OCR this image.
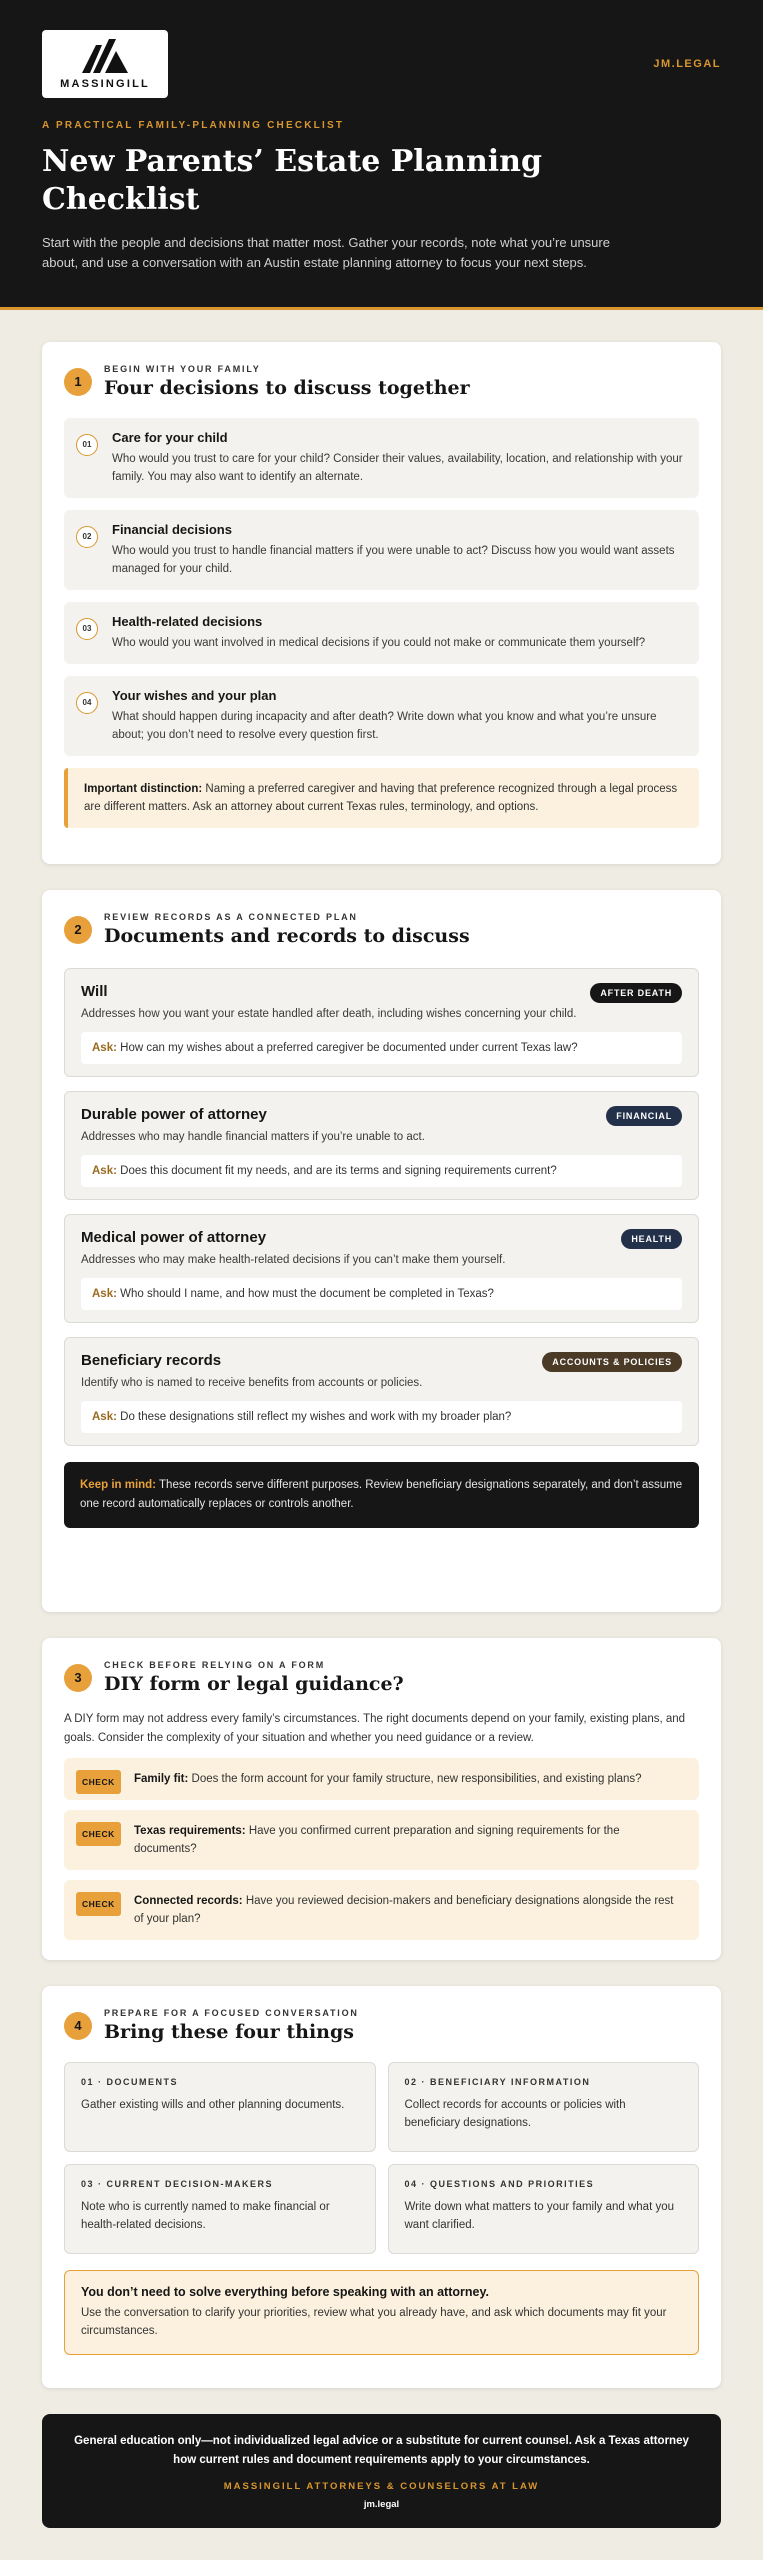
MASSINGILL
JM.LEGAL
A PRACTICAL FAMILY-PLANNING CHECKLIST
New Parents’ Estate Planning Checklist

Start with the people and decisions that matter most. Gather your records, note what you’re unsure about, and use a conversation with an Austin estate planning attorney to focus your next steps.

1
BEGIN WITH YOUR FAMILY
Four decisions to discuss together
01	Care for your child

Who would you trust to care for your child? Consider their values, availability, location, and relationship with your family. You may also want to identify an alternate.

02	Financial decisions

Who would you trust to handle financial matters if you were unable to act? Discuss how you would want assets managed for your child.

03	Health-related decisions

Who would you want involved in medical decisions if you could not make or communicate them yourself?

04	Your wishes and your plan

What should happen during incapacity and after death? Write down what you know and what you’re unsure about; you don’t need to resolve every question first.

Important distinction: Naming a preferred caregiver and having that preference recognized through a legal process are different matters. Ask an attorney about current Texas rules, terminology, and options.
2
REVIEW RECORDS AS A CONNECTED PLAN
Documents and records to discuss
Will	AFTER DEATH
Addresses how you want your estate handled after death, including wishes concerning your child.
Ask: How can my wishes about a preferred caregiver be documented under current Texas law?
Durable power of attorney	FINANCIAL
Addresses who may handle financial matters if you’re unable to act.
Ask: Does this document fit my needs, and are its terms and signing requirements current?
Medical power of attorney	HEALTH
Addresses who may make health-related decisions if you can’t make them yourself.
Ask: Who should I name, and how must the document be completed in Texas?
Beneficiary records	ACCOUNTS & POLICIES
Identify who is named to receive benefits from accounts or policies.
Ask: Do these designations still reflect my wishes and work with my broader plan?
Keep in mind: These records serve different purposes. Review beneficiary designations separately, and don’t assume one record automatically replaces or controls another.
3
CHECK BEFORE RELYING ON A FORM
DIY form or legal guidance?

A DIY form may not address every family’s circumstances. The right documents depend on your family, existing plans, and goals. Consider the complexity of your situation and whether you need guidance or a review.

CHECK	Family fit: Does the form account for your family structure, new responsibilities, and existing plans?
CHECK	Texas requirements: Have you confirmed current preparation and signing requirements for the documents?
CHECK	Connected records: Have you reviewed decision-makers and beneficiary designations alongside the rest of your plan?
4
PREPARE FOR A FOCUSED CONVERSATION
Bring these four things
01 · DOCUMENTS

Gather existing wills and other planning documents.

02 · BENEFICIARY INFORMATION

Collect records for accounts or policies with beneficiary designations.

03 · CURRENT DECISION-MAKERS

Note who is currently named to make financial or health-related decisions.

04 · QUESTIONS AND PRIORITIES

Write down what matters to your family and what you want clarified.

You don’t need to solve everything before speaking with an attorney.

Use the conversation to clarify your priorities, review what you already have, and ask which documents may fit your circumstances.

General education only—not individualized legal advice or a substitute for current counsel. Ask a Texas attorney how current rules and document requirements apply to your circumstances.
MASSINGILL ATTORNEYS & COUNSELORS AT LAW
jm.legal
